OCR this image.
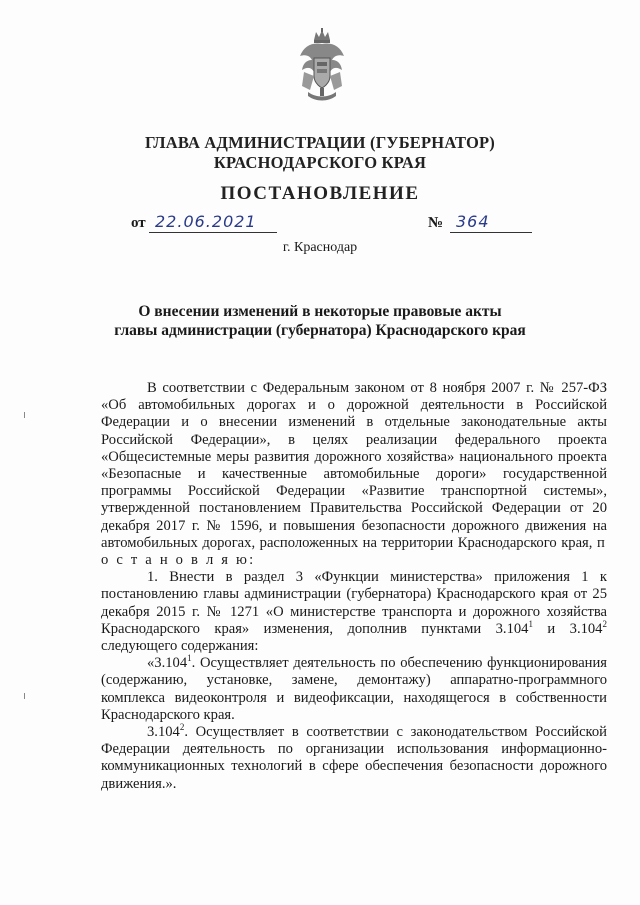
ГЛАВА АДМИНИСТРАЦИИ (ГУБЕРНАТОР)
КРАСНОДАРСКОГО КРАЯ
ПОСТАНОВЛЕНИЕ
от 22.06.2021	№ 364
г. Краснодар
О внесении изменений в некоторые правовые акты
главы администрации (губернатора) Краснодарского края

В соответствии с Федеральным законом от 8 ноября 2007 г. № 257-ФЗ «Об автомобильных дорогах и о дорожной деятельности в Российской Федерации и о внесении изменений в отдельные законодательные акты Российской Федерации», в целях реализации федерального проекта «Общесистемные меры развития дорожного хозяйства» национального проекта «Безопасные и качественные автомобильные дороги» государственной программы Российской Федерации «Развитие транспортной системы», утвержденной постановлением Правительства Российской Федерации от 20 декабря 2017 г. № 1596, и повышения безопасности дорожного движения на автомобильных дорогах, расположенных на территории Краснодарского края, п о с т а н о в л я ю:

1. Внести в раздел 3 «Функции министерства» приложения 1 к постановлению главы администрации (губернатора) Краснодарского края от 25 декабря 2015 г. № 1271 «О министерстве транспорта и дорожного хозяйства Краснодарского края» изменения, дополнив пунктами 3.104$^1$ и 3.104$^2$ следующего содержания:

«3.104$^1$. Осуществляет деятельность по обеспечению функционирования (содержанию, установке, замене, демонтажу) аппаратно-программного комплекса видеоконтроля и видеофиксации, находящегося в собственности Краснодарского края.

3.104$^2$. Осуществляет в соответствии с законодательством Российской Федерации деятельность по организации использования информационно-коммуникационных технологий в сфере обеспечения безопасности дорожного движения.».
